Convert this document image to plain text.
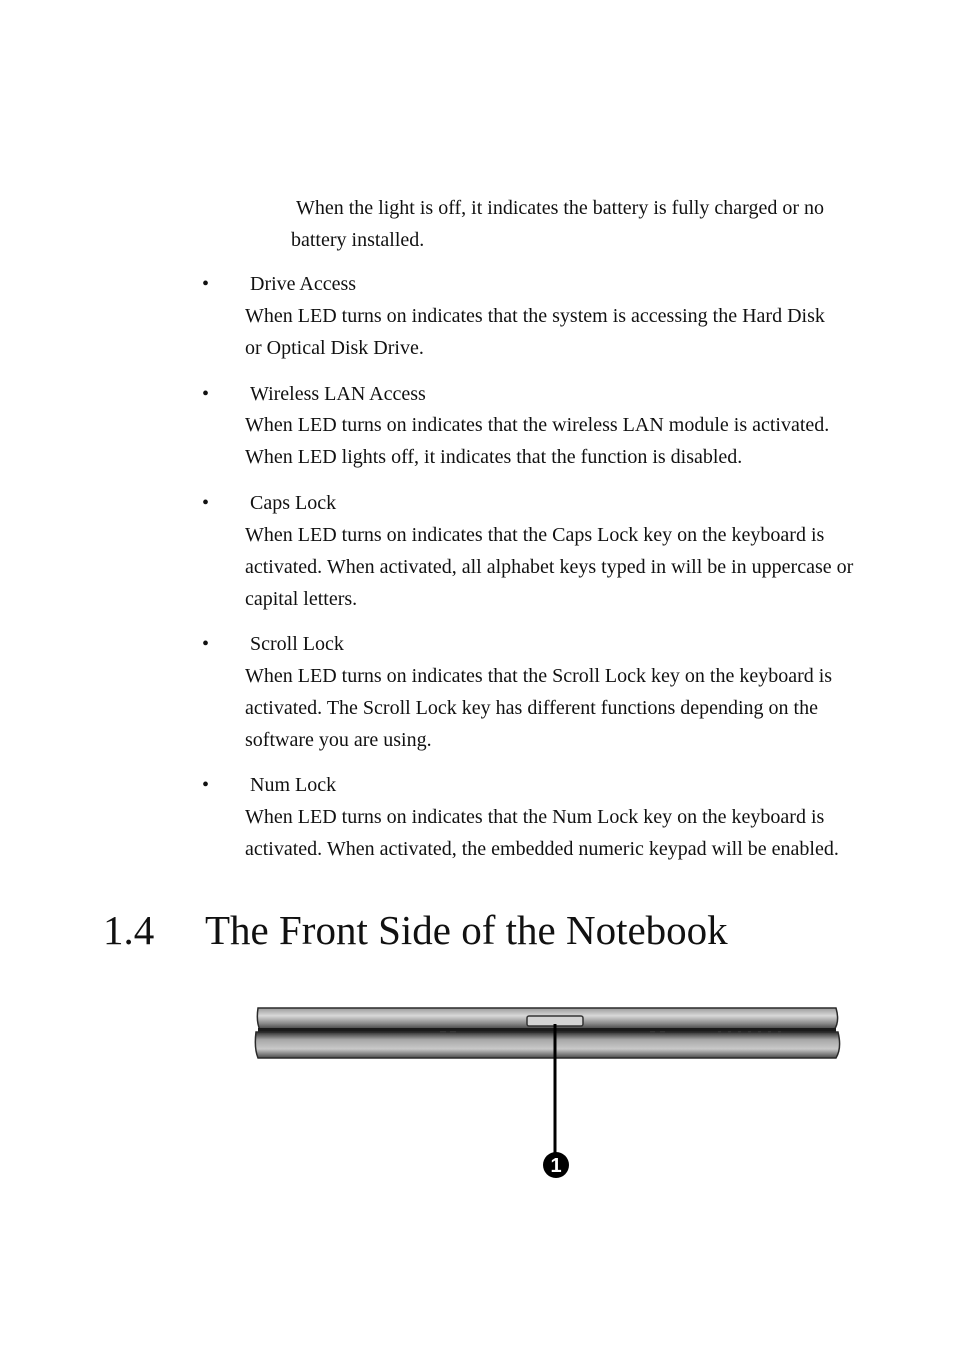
When the light is off, it indicates the battery is fully charged or no

battery installed.

• Drive Access
When LED turns on indicates that the system is accessing the Hard Disk
or Optical Disk Drive.
• Wireless LAN Access
When LED turns on indicates that the wireless LAN module is activated.
When LED lights off, it indicates that the function is disabled.
• Caps Lock
When LED turns on indicates that the Caps Lock key on the keyboard is
activated. When activated, all alphabet keys typed in will be in uppercase or
capital letters.
• Scroll Lock
When LED turns on indicates that the Scroll Lock key on the keyboard is
activated. The Scroll Lock key has different functions depending on the
software you are using.
• Num Lock
When LED turns on indicates that the Num Lock key on the keyboard is
activated. When activated, the embedded numeric keypad will be enabled.
1.4 The Front Side of the Notebook
1
